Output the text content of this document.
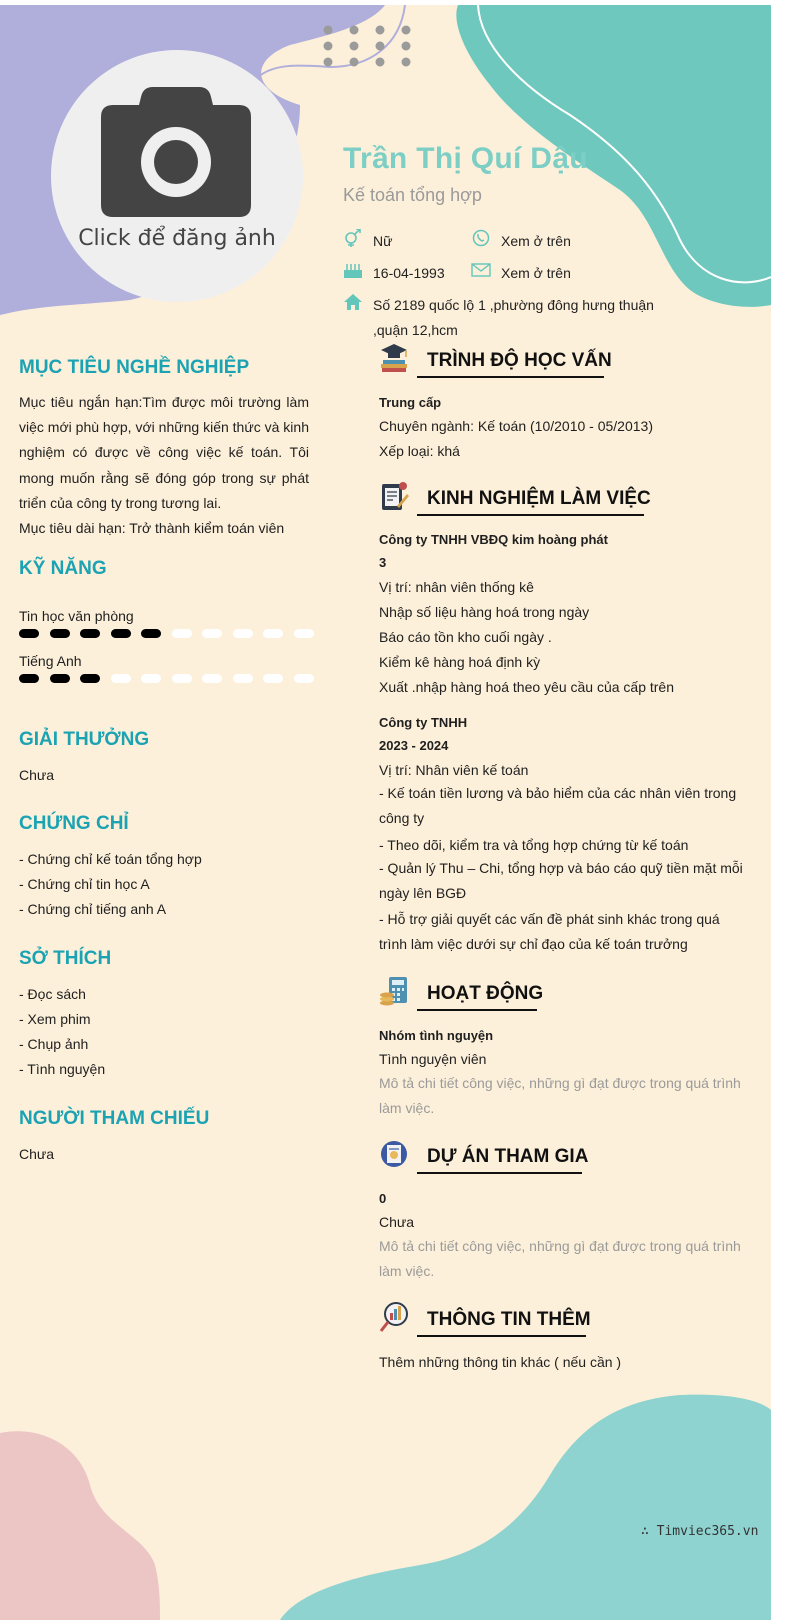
Click để đăng ảnh
Trần Thị Quí Dậu
Kế toán tổng hợp
Nữ	Xem ở trên
16-04-1993	Xem ở trên
Số 2189 quốc lộ 1 ,phường đông hưng thuận
,quận 12,hcm
MỤC TIÊU NGHỀ NGHIỆP
Mục tiêu ngắn hạn:Tìm được môi trường làm việc mới phù hợp, với những kiến thức và kinh nghiệm có được về công việc kế toán. Tôi mong muốn rằng sẽ đóng góp trong sự phát triển của công ty trong tương lai.
Mục tiêu dài hạn: Trở thành kiểm toán viên
KỸ NĂNG
Tin học văn phòng
Tiếng Anh
GIẢI THƯỞNG
Chưa
CHỨNG CHỈ
- Chứng chỉ kế toán tổng hợp
- Chứng chỉ tin học A
- Chứng chỉ tiếng anh A
SỞ THÍCH
- Đọc sách
- Xem phim
- Chụp ảnh
- Tình nguyện
NGƯỜI THAM CHIẾU
Chưa
TRÌNH ĐỘ HỌC VẤN
Trung cấp
Chuyên ngành: Kế toán (10/2010 - 05/2013)
Xếp loại: khá
KINH NGHIỆM LÀM VIỆC
Công ty TNHH VBĐQ kim hoàng phát
3
Vị trí: nhân viên thống kê
Nhập số liệu hàng hoá trong ngày
Báo cáo tồn kho cuối ngày .
Kiểm kê hàng hoá định kỳ
Xuất .nhập hàng hoá theo yêu cầu của cấp trên
Công ty TNHH
2023 - 2024
Vị trí: Nhân viên kế toán
- Kế toán tiền lương và bảo hiểm của các nhân viên trong công ty
- Theo dõi, kiểm tra và tổng hợp chứng từ kế toán
- Quản lý Thu – Chi, tổng hợp và báo cáo quỹ tiền mặt mỗi ngày lên BGĐ
- Hỗ trợ giải quyết các vấn đề phát sinh khác trong quá trình làm việc dưới sự chỉ đạo của kế toán trưởng
HOẠT ĐỘNG
Nhóm tình nguyện
Tình nguyện viên
Mô tả chi tiết công việc, những gì đạt được trong quá trình làm việc.
DỰ ÁN THAM GIA
0
Chưa
Mô tả chi tiết công việc, những gì đạt được trong quá trình làm việc.
THÔNG TIN THÊM
Thêm những thông tin khác ( nếu cần )
∴ Timviec365.vn
